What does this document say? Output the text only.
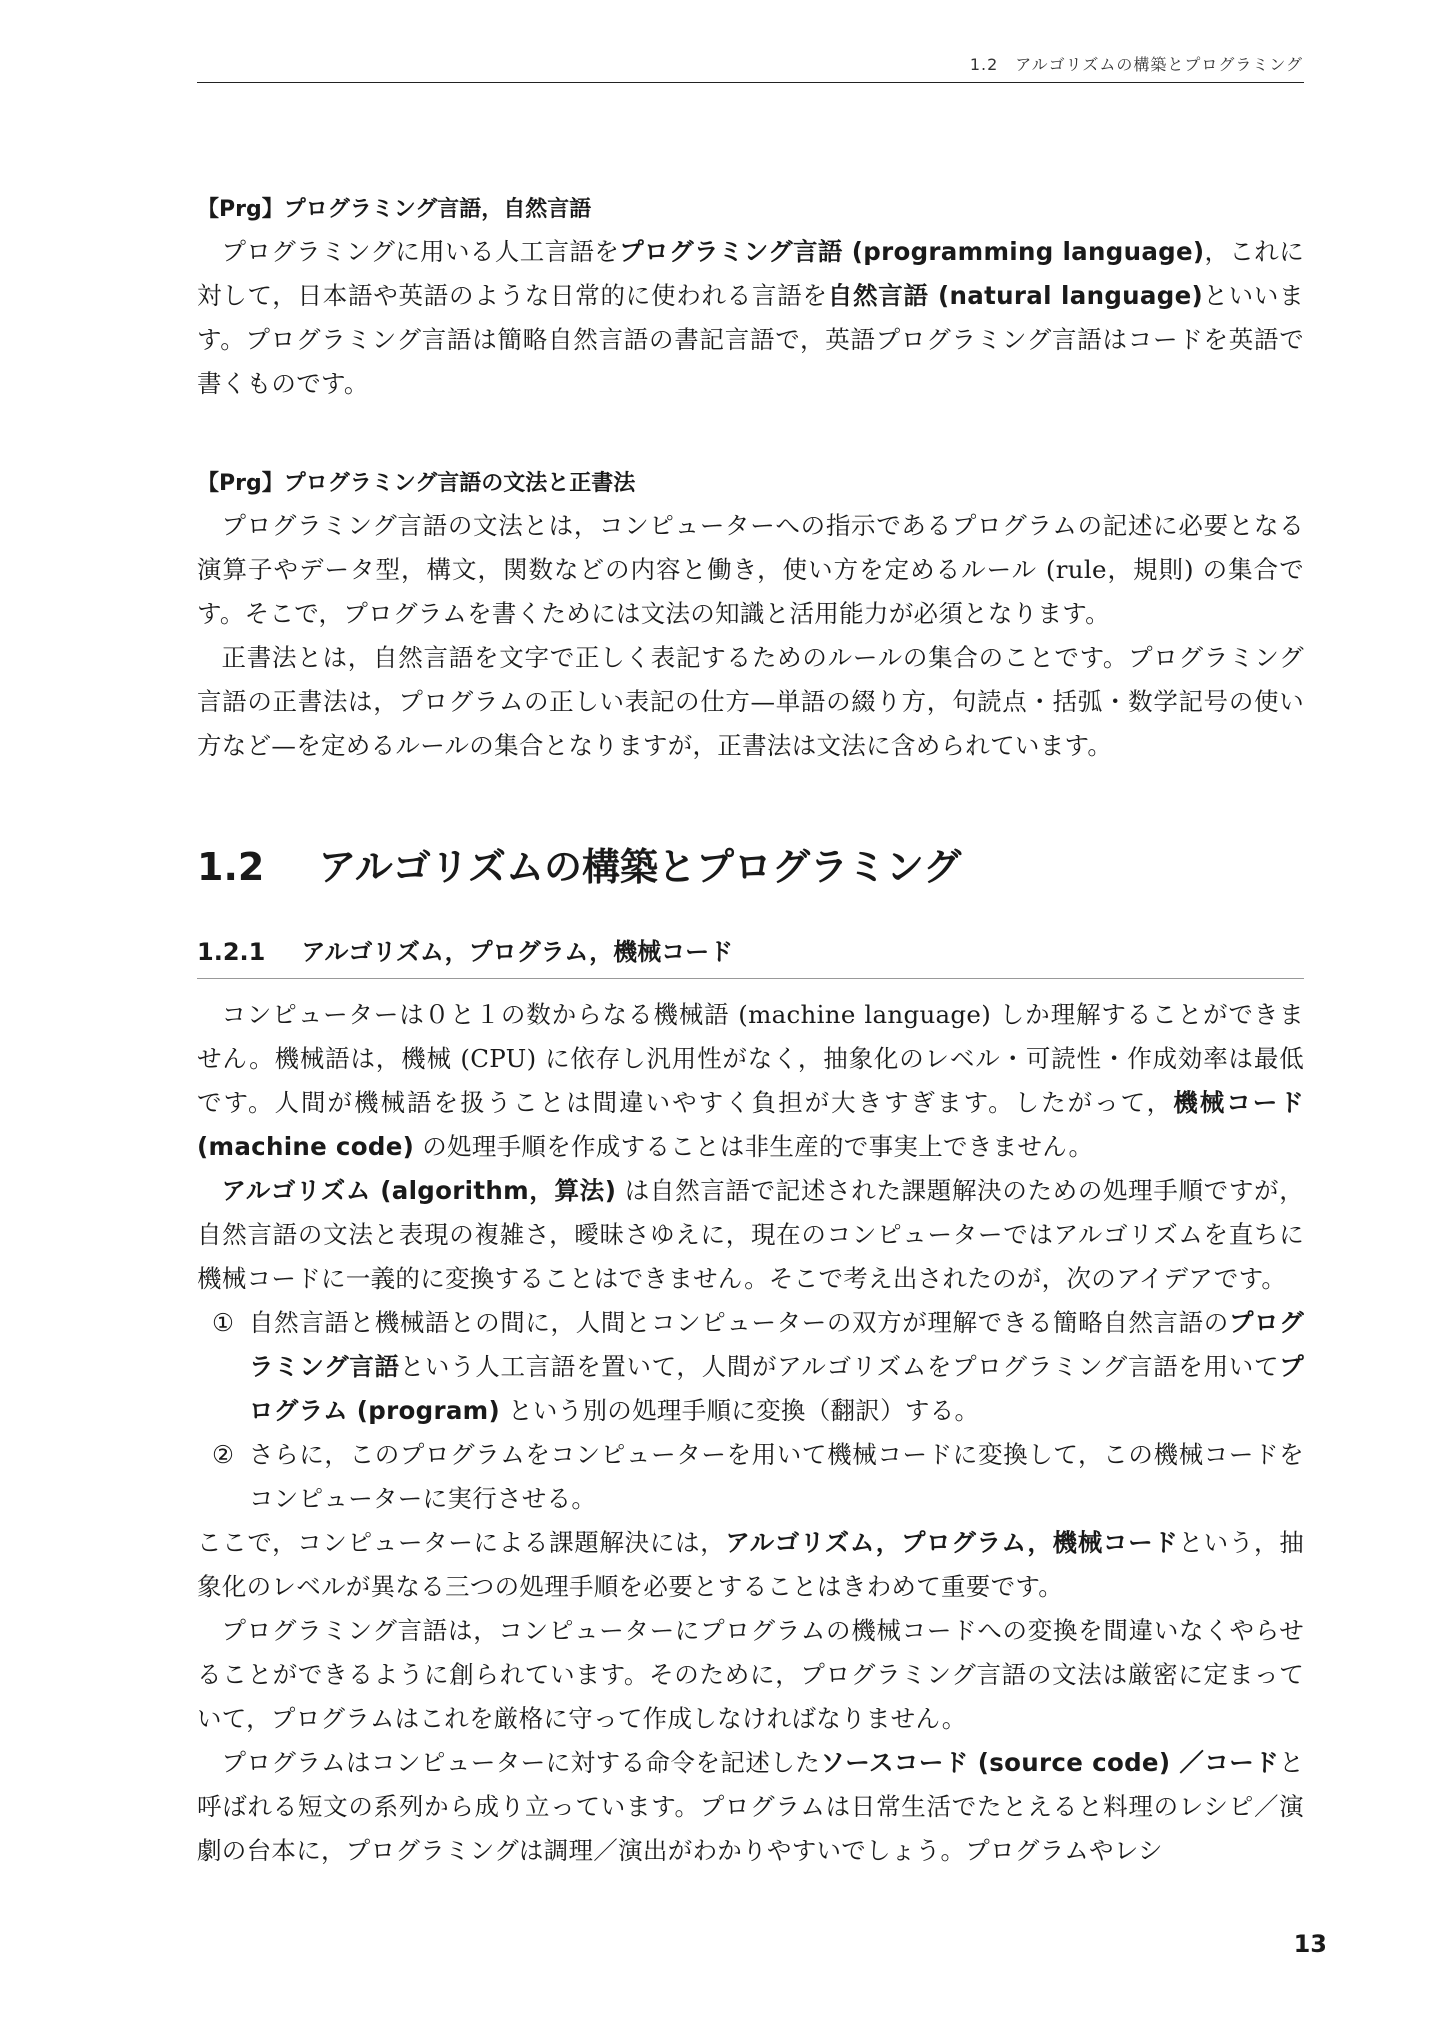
1.2　アルゴリズムの構築とプログラミング
【Prg】プログラミング言語，自然言語

プログラミングに用いる人工言語をプログラミング言語 (programming language)，これに対して，日本語や英語のような日常的に使われる言語を自然言語 (natural language)といいます。プログラミング言語は簡略自然言語の書記言語で，英語プログラミング言語はコードを英語で書くものです。

【Prg】プログラミング言語の文法と正書法

プログラミング言語の文法とは，コンピューターへの指示であるプログラムの記述に必要となる演算子やデータ型，構文，関数などの内容と働き，使い方を定めるルール (rule，規則) の集合です。そこで，プログラムを書くためには文法の知識と活用能力が必須となります。

正書法とは，自然言語を文字で正しく表記するためのルールの集合のことです。プログラミング言語の正書法は，プログラムの正しい表記の仕方—単語の綴り方，句読点・括弧・数学記号の使い方など—を定めるルールの集合となりますが，正書法は文法に含められています。

1.2 アルゴリズムの構築とプログラミング
1.2.1 アルゴリズム，プログラム，機械コード

コンピューターは０と１の数からなる機械語 (machine language) しか理解することができません。機械語は，機械 (CPU) に依存し汎用性がなく，抽象化のレベル・可読性・作成効率は最低です。人間が機械語を扱うことは間違いやすく負担が大きすぎます。したがって，機械コード (machine code) の処理手順を作成することは非生産的で事実上できません。

アルゴリズム (algorithm，算法) は自然言語で記述された課題解決のための処理手順ですが，自然言語の文法と表現の複雑さ，曖昧さゆえに，現在のコンピューターではアルゴリズムを直ちに機械コードに一義的に変換することはできません。そこで考え出されたのが，次のアイデアです。

① 自然言語と機械語との間に，人間とコンピューターの双方が理解できる簡略自然言語のプログラミング言語という人工言語を置いて，人間がアルゴリズムをプログラミング言語を用いてプログラム (program) という別の処理手順に変換（翻訳）する。
② さらに，このプログラムをコンピューターを用いて機械コードに変換して，この機械コードをコンピューターに実行させる。

ここで，コンピューターによる課題解決には，アルゴリズム，プログラム，機械コードという，抽象化のレベルが異なる三つの処理手順を必要とすることはきわめて重要です。

プログラミング言語は，コンピューターにプログラムの機械コードへの変換を間違いなくやらせることができるように創られています。そのために，プログラミング言語の文法は厳密に定まっていて，プログラムはこれを厳格に守って作成しなければなりません。

プログラムはコンピューターに対する命令を記述したソースコード (source code) ／コードと呼ばれる短文の系列から成り立っています。プログラムは日常生活でたとえると料理のレシピ／演劇の台本に，プログラミングは調理／演出がわかりやすいでしょう。プログラムやレシ

13
